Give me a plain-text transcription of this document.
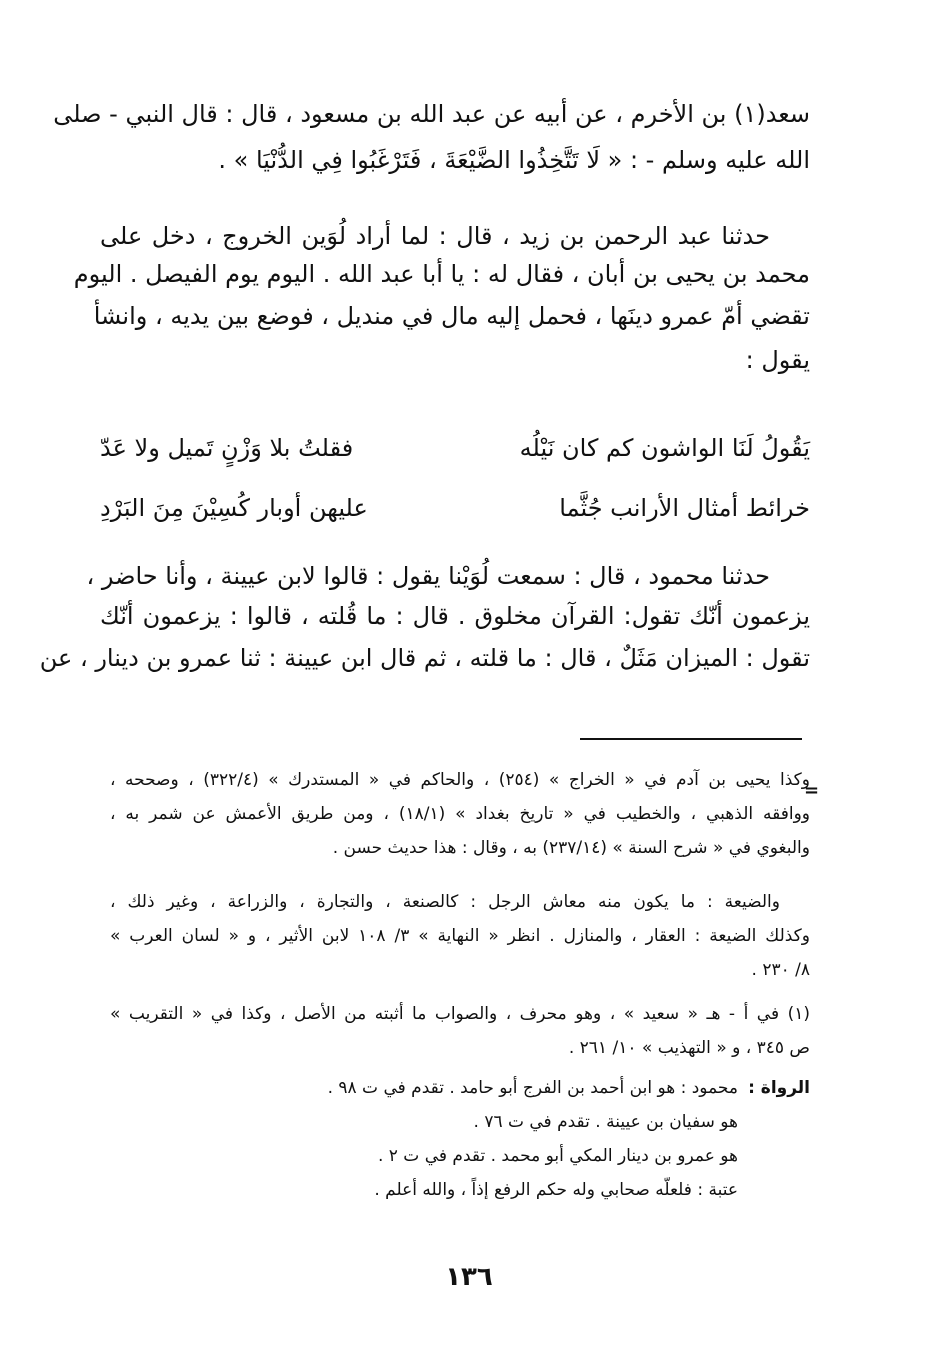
سعد(١) بن الأخرم ، عن أبيه عن عبد الله بن مسعود ، قال : قال النبي - صلى
الله عليه وسلم - : « لَا تَتَّخِذُوا الضَّيْعَةَ ، فَتَرْغَبُوا فِي الدُّنْيَا » .
حدثنا عبد الرحمن بن زيد ، قال : لما أراد لُوَين الخروج ، دخل على
محمد بن يحيى بن أبان ، فقال له : يا أبا عبد الله . اليوم يوم الفيصل . اليوم
تقضي أمّ عمرو دينَها ، فحمل إليه مال في منديل ، فوضع بين يديه ، وانشأ
يقول :
يَقُولُ لَنَا الواشون كم كان نَيْلُه
فقلتُ بلا وَزْنٍ تَميل ولا عَدّ
خرائط أمثال الأرانب جُثَّما
عليهن أوبار كُسِيْنَ مِنَ البَرْدِ
حدثنا محمود ، قال : سمعت لُوَيْنا يقول : قالوا لابن عيينة ، وأنا حاضر ،
يزعمون أنّك تقول: القرآن مخلوق . قال : ما قُلته ، قالوا : يزعمون أنّك
تقول : الميزان مَثَلٌ ، قال : ما قلته ، ثم قال ابن عيينة : ثنا عمرو بن دينار ، عن
=
وكذا يحيى بن آدم في « الخراج » (٢٥٤) ، والحاكم في « المستدرك » (٣٢٢/٤) ، وصححه ،
ووافقه الذهبي ، والخطيب في « تاريخ بغداد » (١٨/١) ، ومن طريق الأعمش عن شمر به ،
والبغوي في « شرح السنة » (٢٣٧/١٤) به ، وقال : هذا حديث حسن .
والضيعة : ما يكون منه معاش الرجل : كالصنعة ، والتجارة ، والزراعة ، وغير ذلك ،
وكذلك الضيعة : العقار ، والمنازل . انظر « النهاية » ٣/ ١٠٨ لابن الأثير ، و « لسان العرب »
٨/ ٢٣٠ .
(١) في أ - هـ « سعيد » ، وهو محرف ، والصواب ما أثبته من الأصل ، وكذا في « التقريب »
ص ٣٤٥ ، و « التهذيب » ١٠/ ٢٦١ .
الرواة :
محمود : هو ابن أحمد بن الفرج أبو حامد . تقدم في ت ٩٨ .
هو سفيان بن عيينة . تقدم في ت ٧٦ .
هو عمرو بن دينار المكي أبو محمد . تقدم في ت ٢ .
عتبة : فلعلّه صحابي وله حكم الرفع إذاً ، والله أعلم .
١٣٦
